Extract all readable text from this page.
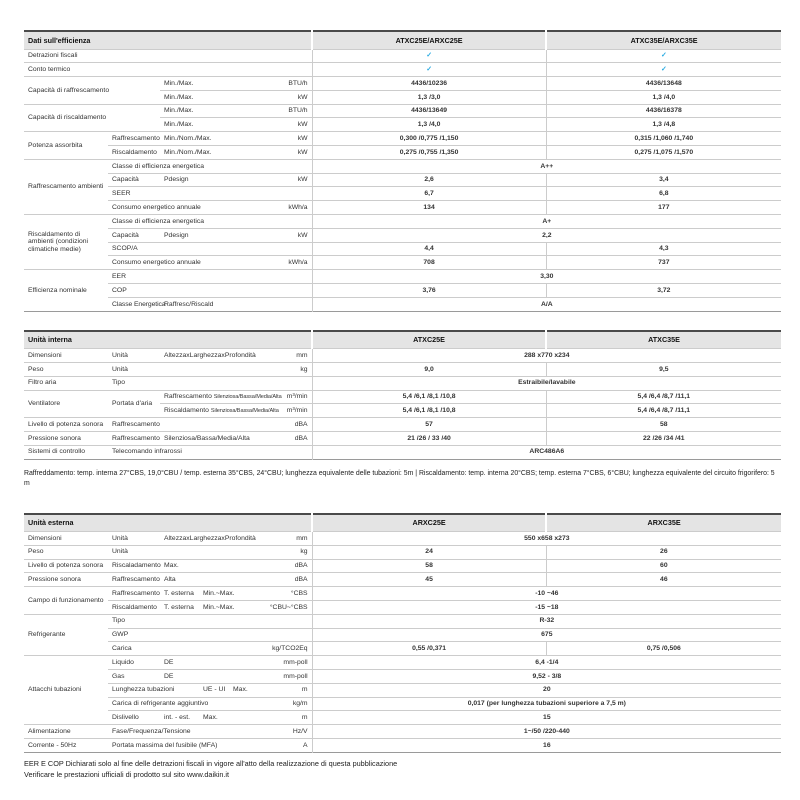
Dati sull'efficienza						ATXC25E/ARXC25E	ATXC35E/ARXC35E
Detrazioni fiscali						✓	✓
Conto termico						✓	✓
Capacità di raffrescamento		Min./Max.	BTU/h			4436/10236	4436/13648
		Min./Max.	kW			1,3 /3,0	1,3 /4,0
Capacità di riscaldamento		Min./Max.	BTU/h			4436/13649	4436/16378
		Min./Max.	kW			1,3 /4,0	1,3 /4,8
Potenza assorbita	Raffrescamento	Min./Nom./Max.		kW		0,300 /0,775 /1,150	0,315 /1,060 /1,740
	Riscaldamento	Min./Nom./Max.		kW		0,275 /0,755 /1,350	0,275 /1,075 /1,570
Raffrescamento ambienti	Classe di efficienza energetica					A++	
	Capacità	Pdesign		kW		2,6	3,4
	SEER					6,7	6,8
	Consumo energetico annuale			kWh/a		134	177
Riscaldamento di ambienti (condizioni climatiche medie)	Classe di efficienza energetica					A+	
	Capacità	Pdesign		kW		2,2	
	SCOP/A					4,4	4,3
	Consumo energetico annuale			kWh/a		708	737
Efficienza nominale	EER					3,30	
	COP					3,76	3,72
	Classe Energetica	Raffresc/Riscald				A/A	
Unità interna				ATXC25E	ATXC35E
Dimensioni	Unità	AltezzaxLarghezzaxProfondità	mm	288 x770 x234	
Peso	Unità	kg		9,0	9,5
Filtro aria	Tipo			Estraibile/lavabile	
Ventilatore	Portata d'aria	Raffrescamento Silenziosa/Bassa/Media/Alta	m³/min	5,4 /6,1 /8,1 /10,8	5,4 /6,4 /8,7 /11,1
		Riscaldamento Silenziosa/Bassa/Media/Alta	m³/min	5,4 /6,1 /8,1 /10,8	5,4 /6,4 /8,7 /11,1
Livello di potenza sonora	Raffrescamento		dBA	57	58
Pressione sonora	Raffrescamento	Silenziosa/Bassa/Media/Alta	dBA	21 /26 / 33 /40	22 /26 /34 /41
Sistemi di controllo	Telecomando infrarossi			ARC486A6	
Raffreddamento: temp. interna 27°CBS, 19,0°CBU / temp. esterna 35°CBS, 24°CBU; lunghezza equivalente delle tubazioni: 5m | Riscaldamento: temp. interna 20°CBS; temp. esterna 7°CBS, 6°CBU; lunghezza equivalente del circuito frigorifero: 5 m
Unità esterna						ARXC25E	ARXC35E
Dimensioni	Unità	AltezzaxLarghezzaxProfondità			mm	550 x658 x273	
Peso	Unità	kg				24	26
Livello di potenza sonora	Riscaladamento	Max.		dBA		58	60
Pressione sonora	Raffrescamento	Alta		dBA		45	46
Campo di funzionamento	Raffrescamento	T. esterna	Min.~Max.	°CBS		-10 ~46	
	Riscaldamento	T. esterna	Min.~Max.	°CBU~°CBS		-15 ~18	
Refrigerante	Tipo					R-32	
	GWP					675	
	Carica		kg/TCO2Eq			0,55 /0,371	0,75 /0,506
Attacchi tubazioni	Liquido	DE		mm-poll		6,4 -1/4	
	Gas	DE		mm-poll		9,52 - 3/8	
	Lunghezza tubazioni		UE - UI	Max.	m	20	
	Carica di refrigerante aggiuntivo			kg/m		0,017 (per lunghezza tubazioni superiore a 7,5 m)	
	Dislivello	int. - est.	Max.	m		15	
Alimentazione	Fase/Frequenza/Tensione			Hz/V		1~/50 /220-440	
Corrente - 50Hz	Portata massima del fusibile (MFA)			A		16	
EER E COP Dichiarati solo al fine delle detrazioni fiscali in vigore all'atto della realizzazione di questa pubblicazione
Verificare le prestazioni ufficiali di prodotto sul sito www.daikin.it
